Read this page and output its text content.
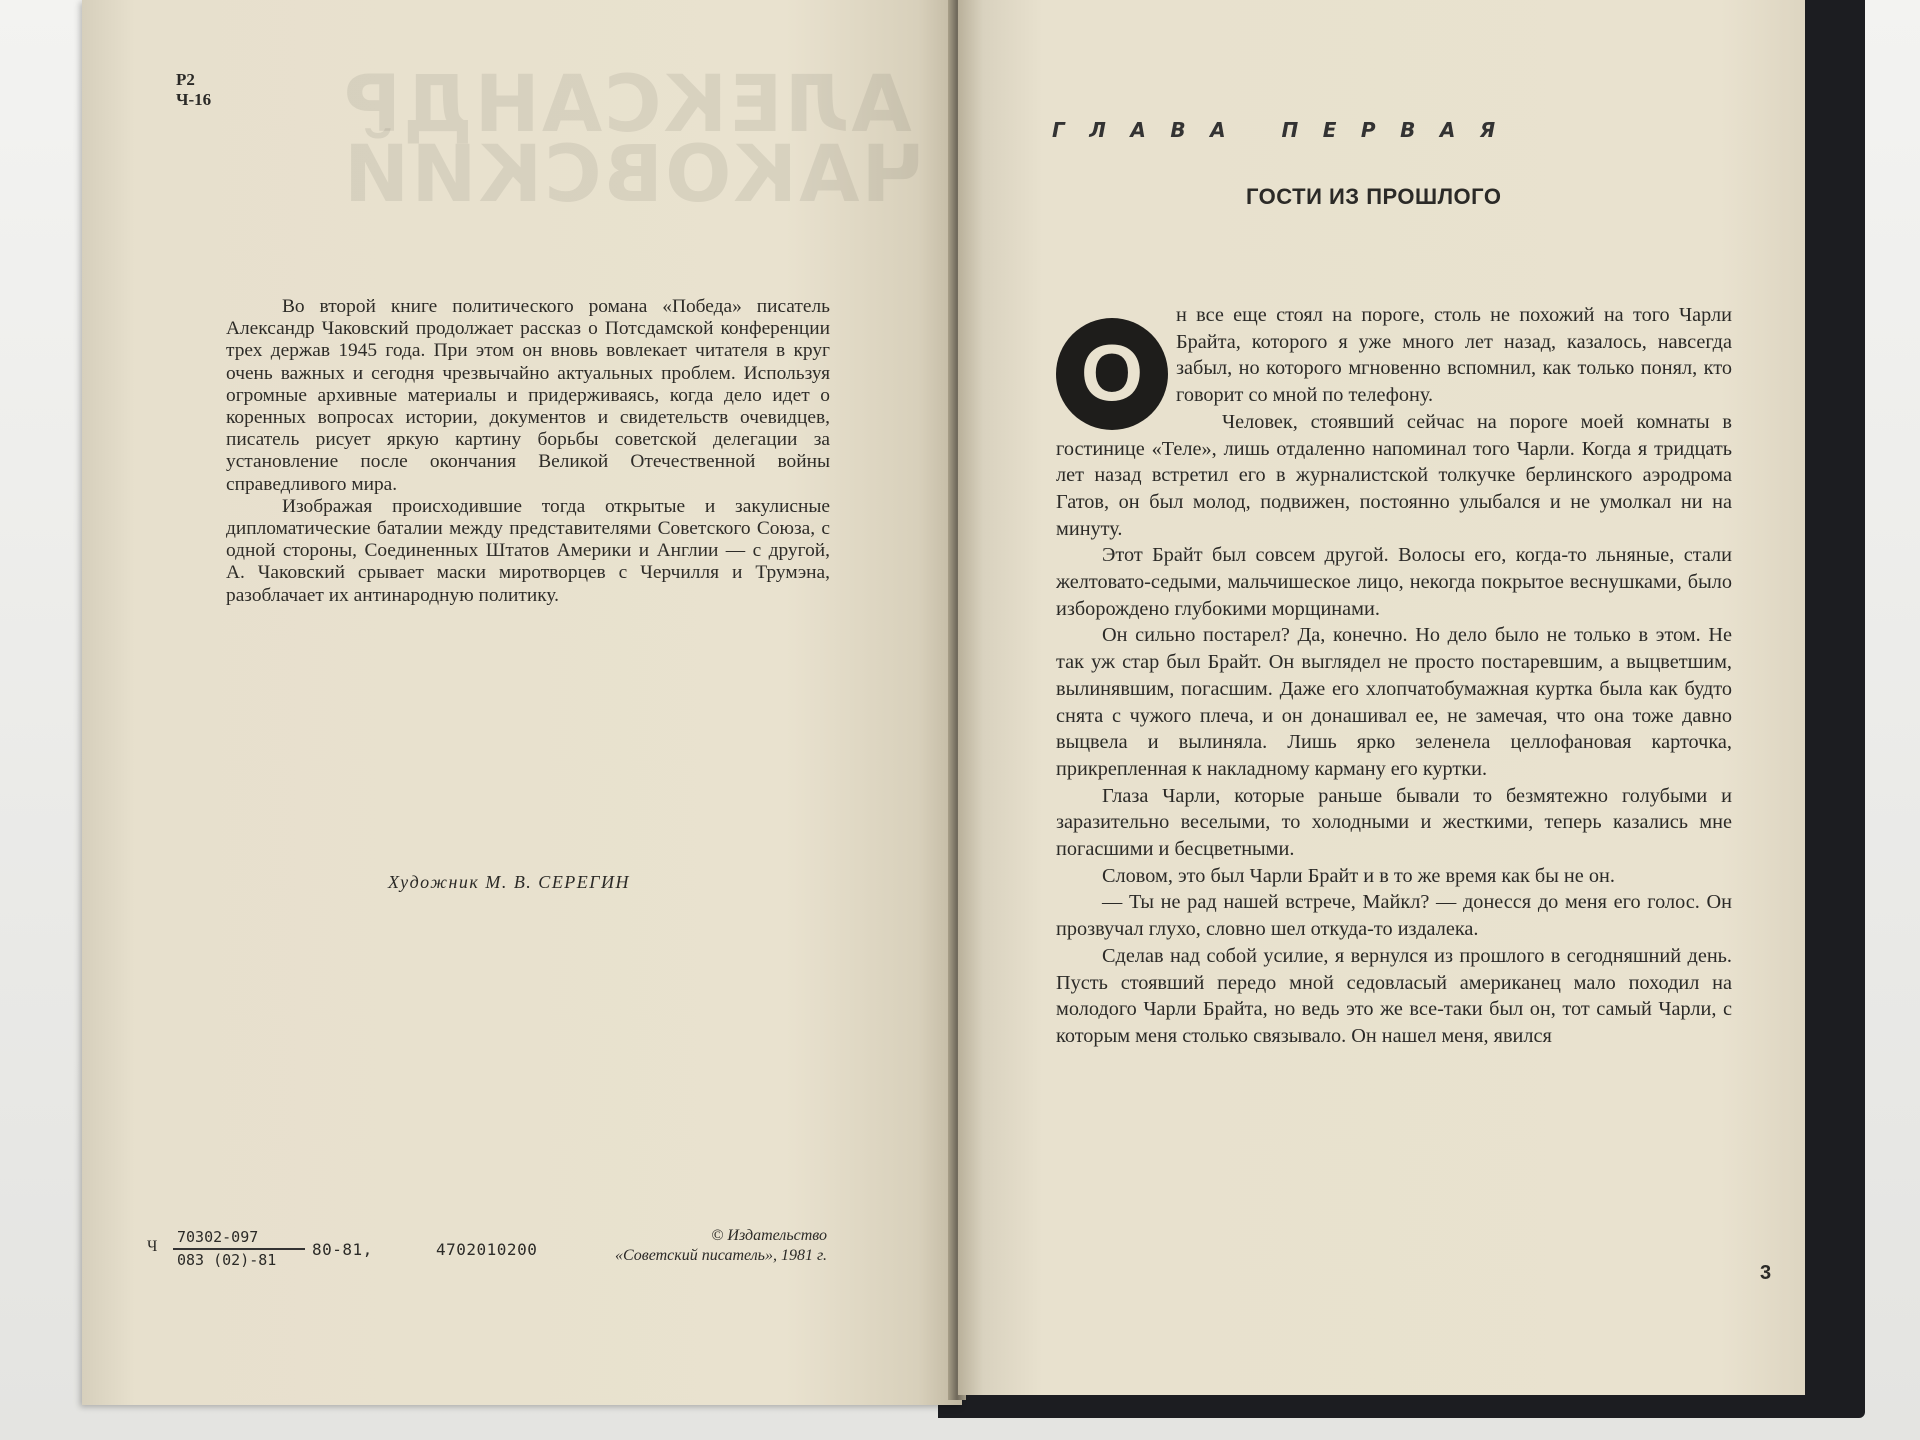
АЛЕКСАНДР
ЧАКОВСКИЙ
Р2
Ч-16

Во второй книге политического романа «Победа» писатель Александр Чаковский продолжает рассказ о Потсдамской конференции трех держав 1945 года. При этом он вновь вовлекает читателя в круг очень важных и сегодня чрезвычайно актуальных проблем. Используя огромные архивные материалы и придерживаясь, когда дело идет о коренных вопросах истории, документов и свидетельств очевидцев, писатель рисует яркую картину борьбы советской делегации за установление после окончания Великой Отечественной войны справедливого мира.

Изображая происходившие тогда открытые и закулисные дипломатические баталии между представителями Советского Союза, с одной стороны, Соединенных Штатов Америки и Англии — с другой, А. Чаковский срывает маски миротворцев с Черчилля и Трумэна, разоблачает их антинародную политику.

Художник М. В. СЕРЕГИН
Ч
70302-097
083 (02)-81
80-81,	4702010200
© Издательство
«Советский писатель», 1981 г.
ГЛАВА ПЕРВАЯ
ГОСТИ ИЗ ПРОШЛОГО

н все еще стоял на пороге, столь не похожий на того Чарли Брайта, которого я уже много лет назад, казалось, навсегда забыл, но которого мгновенно вспомнил, как только понял, кто говорит со мной по телефону.

Человек, стоявший сейчас на пороге моей комнаты в гостинице «Теле», лишь отдаленно напоминал того Чарли. Когда я тридцать лет назад встретил его в журналистской толкучке берлинского аэродрома Гатов, он был молод, подвижен, постоянно улыбался и не умолкал ни на минуту.

Этот Брайт был совсем другой. Волосы его, когда-то льняные, стали желтовато-седыми, мальчишеское лицо, некогда покрытое веснушками, было изборождено глубокими морщинами.

Он сильно постарел? Да, конечно. Но дело было не только в этом. Не так уж стар был Брайт. Он выглядел не просто постаревшим, а выцветшим, вылинявшим, погасшим. Даже его хлопчатобумажная куртка была как будто снята с чужого плеча, и он донашивал ее, не замечая, что она тоже давно выцвела и вылиняла. Лишь ярко зеленела целлофановая карточка, прикрепленная к накладному карману его куртки.

Глаза Чарли, которые раньше бывали то безмятежно голубыми и заразительно веселыми, то холодными и жесткими, теперь казались мне погасшими и бесцветными.

Словом, это был Чарли Брайт и в то же время как бы не он.

— Ты не рад нашей встрече, Майкл? — донесся до меня его голос. Он прозвучал глухо, словно шел откуда-то издалека.

Сделав над собой усилие, я вернулся из прошлого в сегодняшний день. Пусть стоявший передо мной седовласый американец мало походил на молодого Чарли Брайта, но ведь это же все-таки был он, тот самый Чарли, с которым меня столько связывало. Он нашел меня, явился

О
3
